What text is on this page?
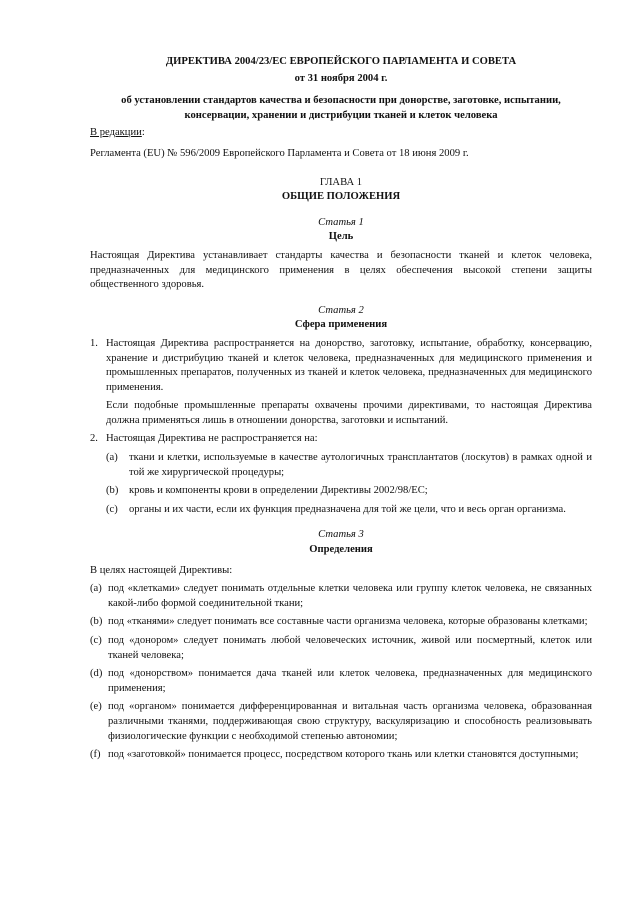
ДИРЕКТИВА 2004/23/ЕС ЕВРОПЕЙСКОГО ПАРЛАМЕНТА И СОВЕТА

от 31 ноября 2004 г.

об установлении стандартов качества и безопасности при донорстве, заготовке, испытании, консервации, хранении и дистрибуции тканей и клеток человека

В редакции:
Регламента (EU) № 596/2009 Европейского Парламента и Совета от 18 июня 2009 г.
ГЛАВА 1
ОБЩИЕ ПОЛОЖЕНИЯ
Статья 1
Цель
Настоящая Директива устанавливает стандарты качества и безопасности тканей и клеток человека, предназначенных для медицинского применения в целях обеспечения высокой степени защиты общественного здоровья.
Статья 2
Сфера применения
1. Настоящая Директива распространяется на донорство, заготовку, испытание, обработку, консервацию, хранение и дистрибуцию тканей и клеток человека, предназначенных для медицинского применения и промышленных препаратов, полученных из тканей и клеток человека, предназначенных для медицинского применения.
Если подобные промышленные препараты охвачены прочими директивами, то настоящая Директива должна применяться лишь в отношении донорства, заготовки и испытаний.
2. Настоящая Директива не распространяется на:
(a)	ткани и клетки, используемые в качестве аутологичных трансплантатов (лоскутов) в рамках одной и той же хирургической процедуры;
(b)	кровь и компоненты крови в определении Директивы 2002/98/ЕС;
(c)	органы и их части, если их функция предназначена для той же цели, что и весь орган организма.
Статья 3
Определения
В целях настоящей Директивы:
(a) под «клетками» следует понимать отдельные клетки человека или группу клеток человека, не связанных какой-либо формой соединительной ткани;
(b) под «тканями» следует понимать все составные части организма человека, которые образованы клетками;
(c) под «донором» следует понимать любой человеческих источник, живой или посмертный, клеток или тканей человека;
(d) под «донорством» понимается дача тканей или клеток человека, предназначенных для медицинского применения;
(e) под «органом» понимается дифференцированная и витальная часть организма человека, образованная различными тканями, поддерживающая свою структуру, васкуляризацию и способность реализовывать физиологические функции с необходимой степенью автономии;
(f) под «заготовкой» понимается процесс, посредством которого ткань или клетки становятся доступными;
